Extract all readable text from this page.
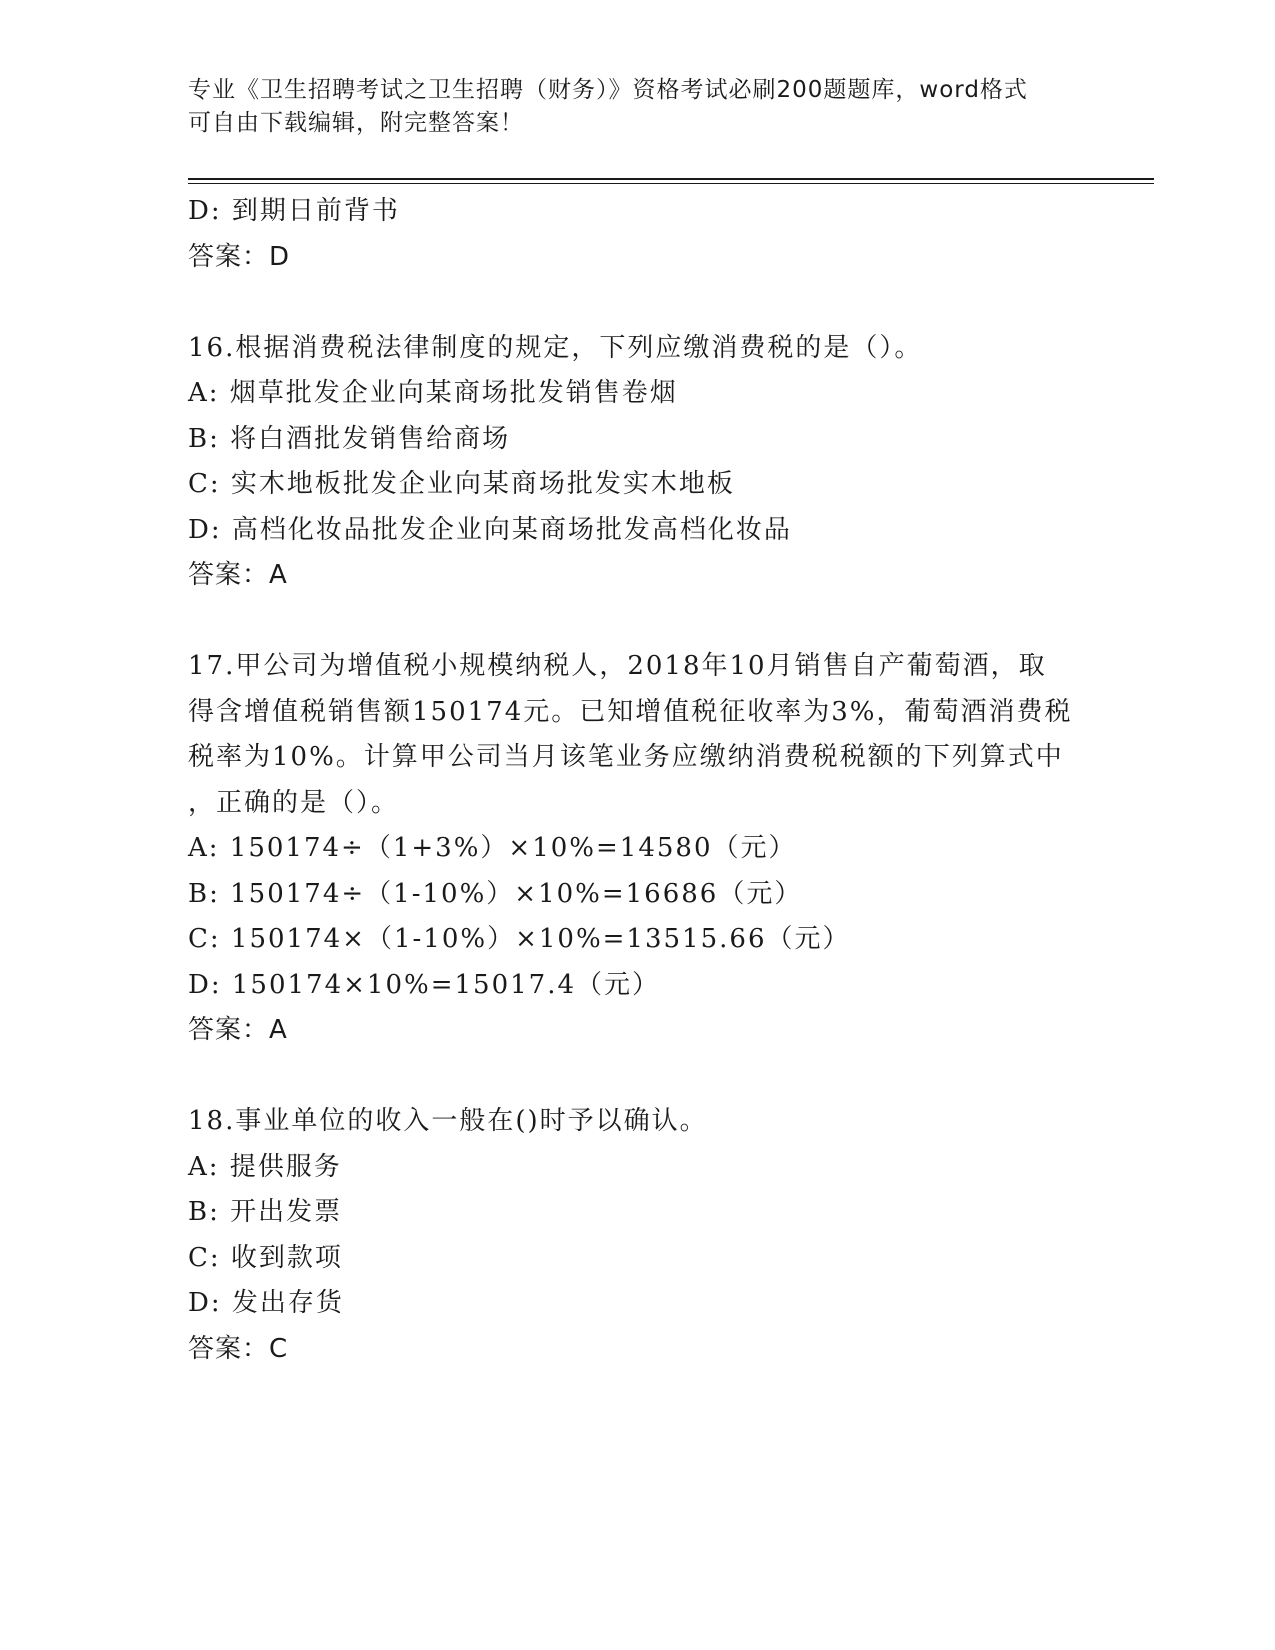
专业《卫生招聘考试之卫生招聘（财务）》资格考试必刷200题题库，word格式
可自由下载编辑，附完整答案！
D: 到期日前背书
答案：D
16.根据消费税法律制度的规定，下列应缴消费税的是（）。
A: 烟草批发企业向某商场批发销售卷烟
B: 将白酒批发销售给商场
C: 实木地板批发企业向某商场批发实木地板
D: 高档化妆品批发企业向某商场批发高档化妆品
答案：A
17.甲公司为增值税小规模纳税人，2018年10月销售自产葡萄酒，取
得含增值税销售额150174元。已知增值税征收率为3%，葡萄酒消费税
税率为10%。计算甲公司当月该笔业务应缴纳消费税税额的下列算式中
，正确的是（）。
A: 150174÷（1+3%）×10%=14580（元）
B: 150174÷（1-10%）×10%=16686（元）
C: 150174×（1-10%）×10%=13515.66（元）
D: 150174×10%=15017.4（元）
答案：A
18.事业单位的收入一般在()时予以确认。
A: 提供服务
B: 开出发票
C: 收到款项
D: 发出存货
答案：C
